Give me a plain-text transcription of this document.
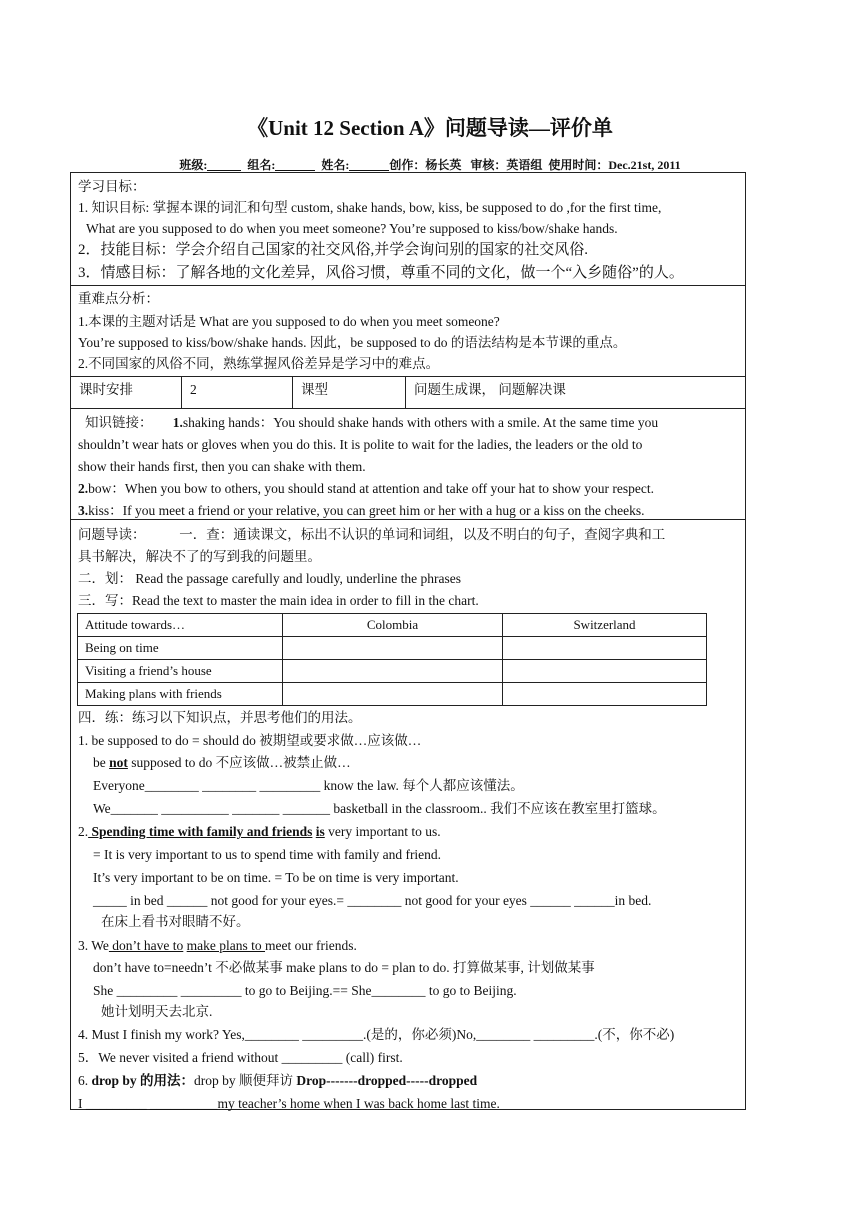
《Unit 12 Section A》问题导读—评价单
班级:	组名:	姓名:	创作：杨长英 审核：英语组 使用时间：Dec.21st, 2011
学习目标：
1. 知识目标: 掌握本课的词汇和句型 custom, shake hands, bow, kiss, be supposed to do ,for the first time,
What are you supposed to do when you meet someone? You’re supposed to kiss/bow/shake hands.
2．技能目标：学会介绍自己国家的社交风俗,并学会询问别的国家的社交风俗.
3．情感目标：了解各地的文化差异，风俗习惯，尊重不同的文化，做一个“入乡随俗”的人。
重难点分析：
1.本课的主题对话是 What are you supposed to do when you meet someone?
You’re supposed to kiss/bow/shake hands. 因此，be supposed to do 的语法结构是本节课的重点。
2.不同国家的风俗不同，熟练掌握风俗差异是学习中的难点。
课时安排	2	课型	问题生成课， 问题解决课
知识链接： 1.shaking hands：You should shake hands with others with a smile. At the same time you
shouldn’t wear hats or gloves when you do this. It is polite to wait for the ladies, the leaders or the old to
show their hands first, then you can shake with them.
2.bow：When you bow to others, you should stand at attention and take off your hat to show your respect.
3.kiss：If you meet a friend or your relative, you can greet him or her with a hug or a kiss on the cheeks.
问题导读：	一．查：通读课文，标出不认识的单词和词组，以及不明白的句子，查阅字典和工
具书解决，解决不了的写到我的问题里。
二．划： Read the passage carefully and loudly, underline the phrases
三．写：Read the text to master the main idea in order to fill in the chart.
Attitude towards…	Colombia	Switzerland
Being on time		
Visiting a friend’s house		
Making plans with friends		
四．练：练习以下知识点，并思考他们的用法。
1. be supposed to do = should do 被期望或要求做…应该做…
be not supposed to do 不应该做…被禁止做…
Everyone________ ________ _________ know the law. 每个人都应该懂法。
We_______ __________ _______ _______ basketball in the classroom.. 我们不应该在教室里打篮球。
2. Spending time with family and friends is very important to us.
= It is very important to us to spend time with family and friend.
It’s very important to be on time. = To be on time is very important.
_____ in bed ______ not good for your eyes.= ________ not good for your eyes ______ ______in bed.
在床上看书对眼睛不好。
3. We don’t have to make plans to meet our friends.
don’t have to=needn’t 不必做某事 make plans to do = plan to do. 打算做某事, 计划做某事
She _________ _________ to go to Beijing.== She________ to go to Beijing.
她计划明天去北京.
4. Must I finish my work? Yes,________ _________.(是的，你必须)No,________ _________.(不，你不必)
5．We never visited a friend without _________ (call) first.
6. drop by 的用法：drop by 顺便拜访 Drop-------dropped-----dropped
I _________ __________my teacher’s home when I was back home last time.
